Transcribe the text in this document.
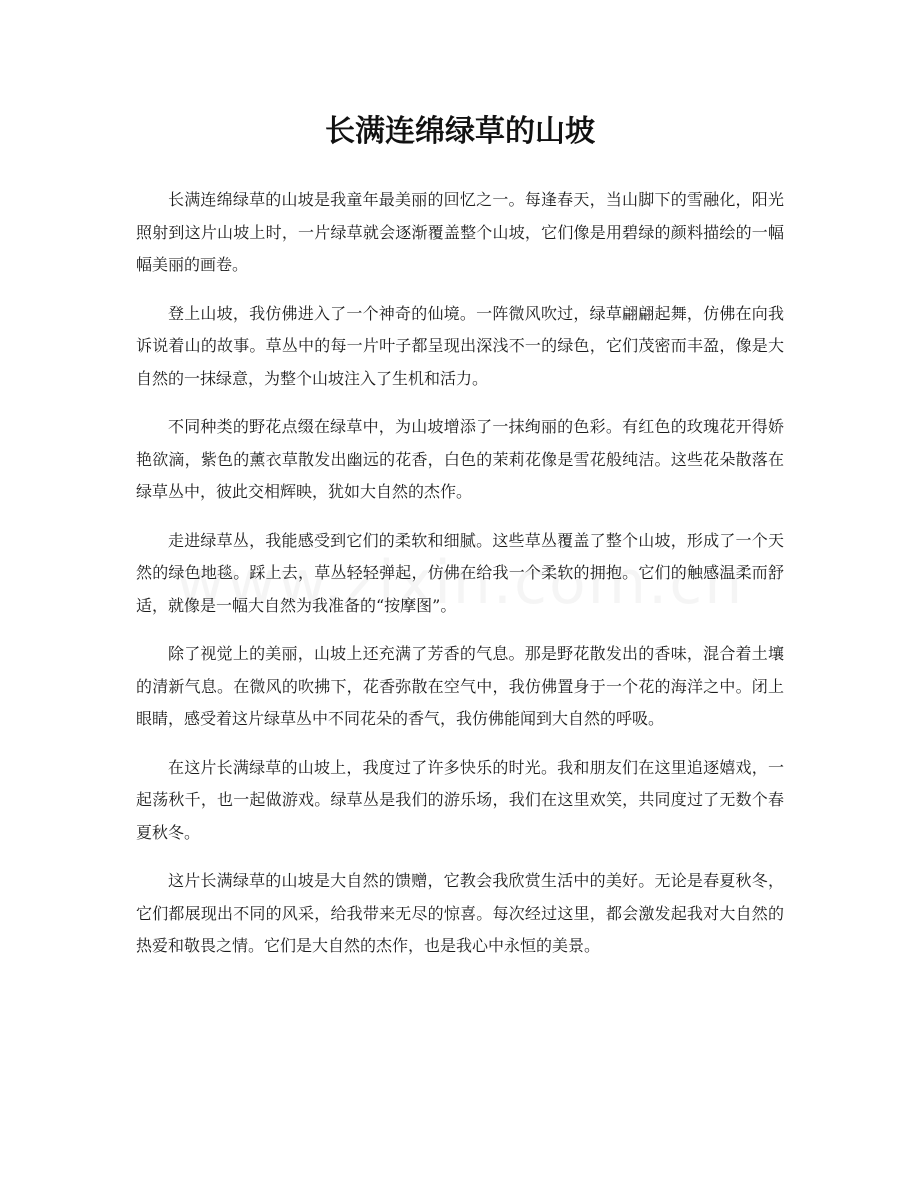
长满连绵绿草的山坡

长满连绵绿草的山坡是我童年最美丽的回忆之一。每逢春天，当山脚下的雪融化，阳光照射到这片山坡上时，一片绿草就会逐渐覆盖整个山坡，它们像是用碧绿的颜料描绘的一幅幅美丽的画卷。

登上山坡，我仿佛进入了一个神奇的仙境。一阵微风吹过，绿草翩翩起舞，仿佛在向我诉说着山的故事。草丛中的每一片叶子都呈现出深浅不一的绿色，它们茂密而丰盈，像是大自然的一抹绿意，为整个山坡注入了生机和活力。

不同种类的野花点缀在绿草中，为山坡增添了一抹绚丽的色彩。有红色的玫瑰花开得娇艳欲滴，紫色的薰衣草散发出幽远的花香，白色的茉莉花像是雪花般纯洁。这些花朵散落在绿草丛中，彼此交相辉映，犹如大自然的杰作。

走进绿草丛，我能感受到它们的柔软和细腻。这些草丛覆盖了整个山坡，形成了一个天然的绿色地毯。踩上去，草丛轻轻弹起，仿佛在给我一个柔软的拥抱。它们的触感温柔而舒适，就像是一幅大自然为我准备的“按摩图”。

除了视觉上的美丽，山坡上还充满了芳香的气息。那是野花散发出的香味，混合着土壤的清新气息。在微风的吹拂下，花香弥散在空气中，我仿佛置身于一个花的海洋之中。闭上眼睛，感受着这片绿草丛中不同花朵的香气，我仿佛能闻到大自然的呼吸。

在这片长满绿草的山坡上，我度过了许多快乐的时光。我和朋友们在这里追逐嬉戏，一起荡秋千，也一起做游戏。绿草丛是我们的游乐场，我们在这里欢笑，共同度过了无数个春夏秋冬。

这片长满绿草的山坡是大自然的馈赠，它教会我欣赏生活中的美好。无论是春夏秋冬，它们都展现出不同的风采，给我带来无尽的惊喜。每次经过这里，都会激发起我对大自然的热爱和敬畏之情。它们是大自然的杰作，也是我心中永恒的美景。
